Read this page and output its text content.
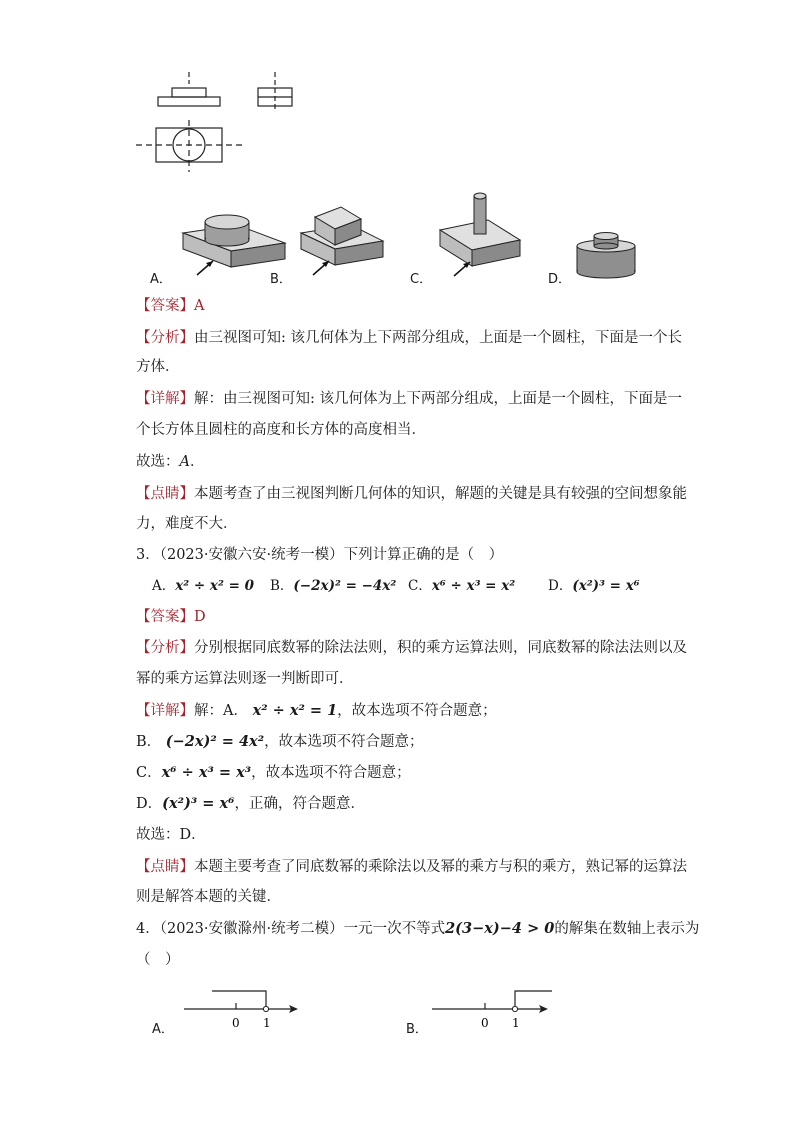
A．	B．	C．	D．
【答案】A
【分析】由三视图可知: 该几何体为上下两部分组成，上面是一个圆柱，下面是一个长
方体．
【详解】解：由三视图可知: 该几何体为上下两部分组成，上面是一个圆柱，下面是一
个长方体且圆柱的高度和长方体的高度相当．
故选：A．
【点睛】本题考查了由三视图判断几何体的知识，解题的关键是具有较强的空间想象能
力，难度不大．
3．（2023·安徽六安·统考一模）下列计算正确的是（　）
A．x² ÷ x² = 0 B．(−2x)² = −4x² C．x⁶ ÷ x³ = x² D．(x²)³ = x⁶
【答案】D
【分析】分别根据同底数幂的除法法则，积的乘方运算法则，同底数幂的除法法则以及
幂的乘方运算法则逐一判断即可．
【详解】解：A． x² ÷ x² = 1，故本选项不符合题意；
B． (−2x)² = 4x²，故本选项不符合题意；
C．x⁶ ÷ x³ = x³，故本选项不符合题意；
D．(x²)³ = x⁶，正确，符合题意．
故选：D．
【点睛】本题主要考查了同底数幂的乘除法以及幂的乘方与积的乘方，熟记幂的运算法
则是解答本题的关键．
4．（2023·安徽滁州·统考二模）一元一次不等式2(3−x)−4 > 0的解集在数轴上表示为
（　）
A．	0 1	B．	0 1
